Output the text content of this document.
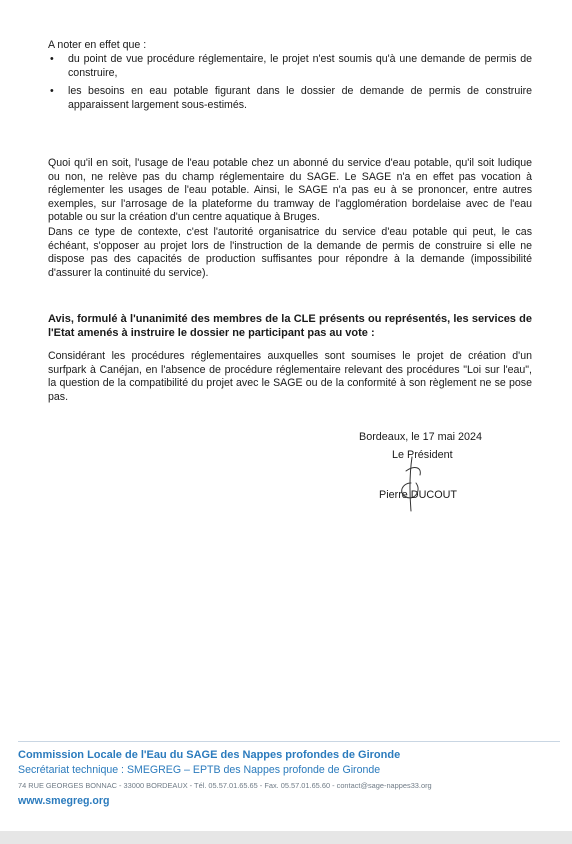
A noter en effet que :
• du point de vue procédure réglementaire, le projet n'est soumis qu'à une demande de permis de construire,
• les besoins en eau potable figurant dans le dossier de demande de permis de construire apparaissent largement sous-estimés.

Quoi qu'il en soit, l'usage de l'eau potable chez un abonné du service d'eau potable, qu'il soit ludique ou non, ne relève pas du champ réglementaire du SAGE. Le SAGE n'a en effet pas vocation à réglementer les usages de l'eau potable. Ainsi, le SAGE n'a pas eu à se prononcer, entre autres exemples, sur l'arrosage de la plateforme du tramway de l'agglomération bordelaise avec de l'eau potable ou sur la création d'un centre aquatique à Bruges.

Dans ce type de contexte, c'est l'autorité organisatrice du service d'eau potable qui peut, le cas échéant, s'opposer au projet lors de l'instruction de la demande de permis de construire si elle ne dispose pas des capacités de production suffisantes pour répondre à la demande (impossibilité d'assurer la continuité du service).

Avis, formulé à l'unanimité des membres de la CLE présents ou représentés, les services de l'Etat amenés à instruire le dossier ne participant pas au vote :

Considérant les procédures réglementaires auxquelles sont soumises le projet de création d'un surfpark à Canéjan, en l'absence de procédure réglementaire relevant des procédures "Loi sur l'eau", la question de la compatibilité du projet avec le SAGE ou de la conformité à son règlement ne se pose pas.

Bordeaux, le 17 mai 2024
Le Président
Pierre DUCOUT
Commission Locale de l'Eau du SAGE des Nappes profondes de Gironde
Secrétariat technique : SMEGREG – EPTB des Nappes profonde de Gironde
74 RUE GEORGES BONNAC - 33000 BORDEAUX - Tél. 05.57.01.65.65 - Fax. 05.57.01.65.60 - contact@sage-nappes33.org
www.smegreg.org
